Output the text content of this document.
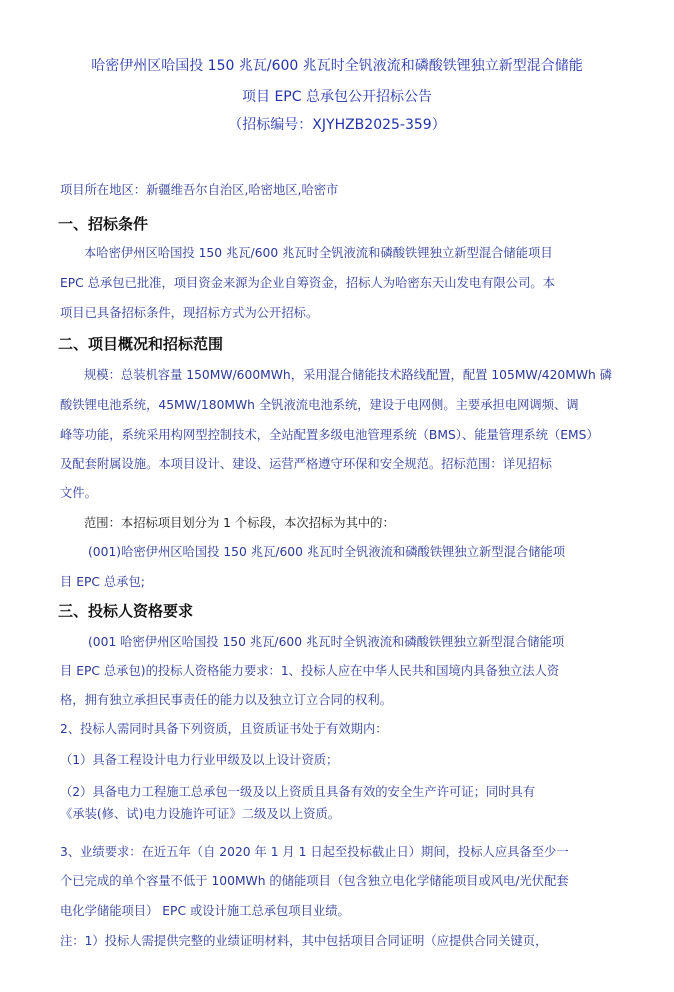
哈密伊州区哈国投 150 兆瓦/600 兆瓦时全钒液流和磷酸铁锂独立新型混合储能
项目 EPC 总承包公开招标公告
（招标编号：XJYHZB2025-359）
项目所在地区：新疆维吾尔自治区,哈密地区,哈密市
一、招标条件
本哈密伊州区哈国投 150 兆瓦/600 兆瓦时全钒液流和磷酸铁锂独立新型混合储能项目
EPC 总承包已批准，项目资金来源为企业自筹资金，招标人为哈密东天山发电有限公司。本
项目已具备招标条件，现招标方式为公开招标。
二、项目概况和招标范围
规模：总装机容量 150MW/600MWh，采用混合储能技术路线配置，配置 105MW/420MWh 磷
酸铁锂电池系统，45MW/180MWh 全钒液流电池系统，建设于电网侧。主要承担电网调频、调
峰等功能，系统采用构网型控制技术，全站配置多级电池管理系统（BMS）、能量管理系统（EMS）
及配套附属设施。本项目设计、建设、运营严格遵守环保和安全规范。招标范围：详见招标
文件。
范围：本招标项目划分为 1 个标段，本次招标为其中的：
(001)哈密伊州区哈国投 150 兆瓦/600 兆瓦时全钒液流和磷酸铁锂独立新型混合储能项
目 EPC 总承包;
三、投标人资格要求
(001 哈密伊州区哈国投 150 兆瓦/600 兆瓦时全钒液流和磷酸铁锂独立新型混合储能项
目 EPC 总承包)的投标人资格能力要求：1、投标人应在中华人民共和国境内具备独立法人资
格，拥有独立承担民事责任的能力以及独立订立合同的权利。
2、投标人需同时具备下列资质，且资质证书处于有效期内：
（1）具备工程设计电力行业甲级及以上设计资质；
（2）具备电力工程施工总承包一级及以上资质且具备有效的安全生产许可证；同时具有
《承装(修、试)电力设施许可证》二级及以上资质。
3、业绩要求：在近五年（自 2020 年 1 月 1 日起至投标截止日）期间，投标人应具备至少一
个已完成的单个容量不低于 100MWh 的储能项目（包含独立电化学储能项目或风电/光伏配套
电化学储能项目） EPC 或设计施工总承包项目业绩。
注：1）投标人需提供完整的业绩证明材料，其中包括项目合同证明（应提供合同关键页，
